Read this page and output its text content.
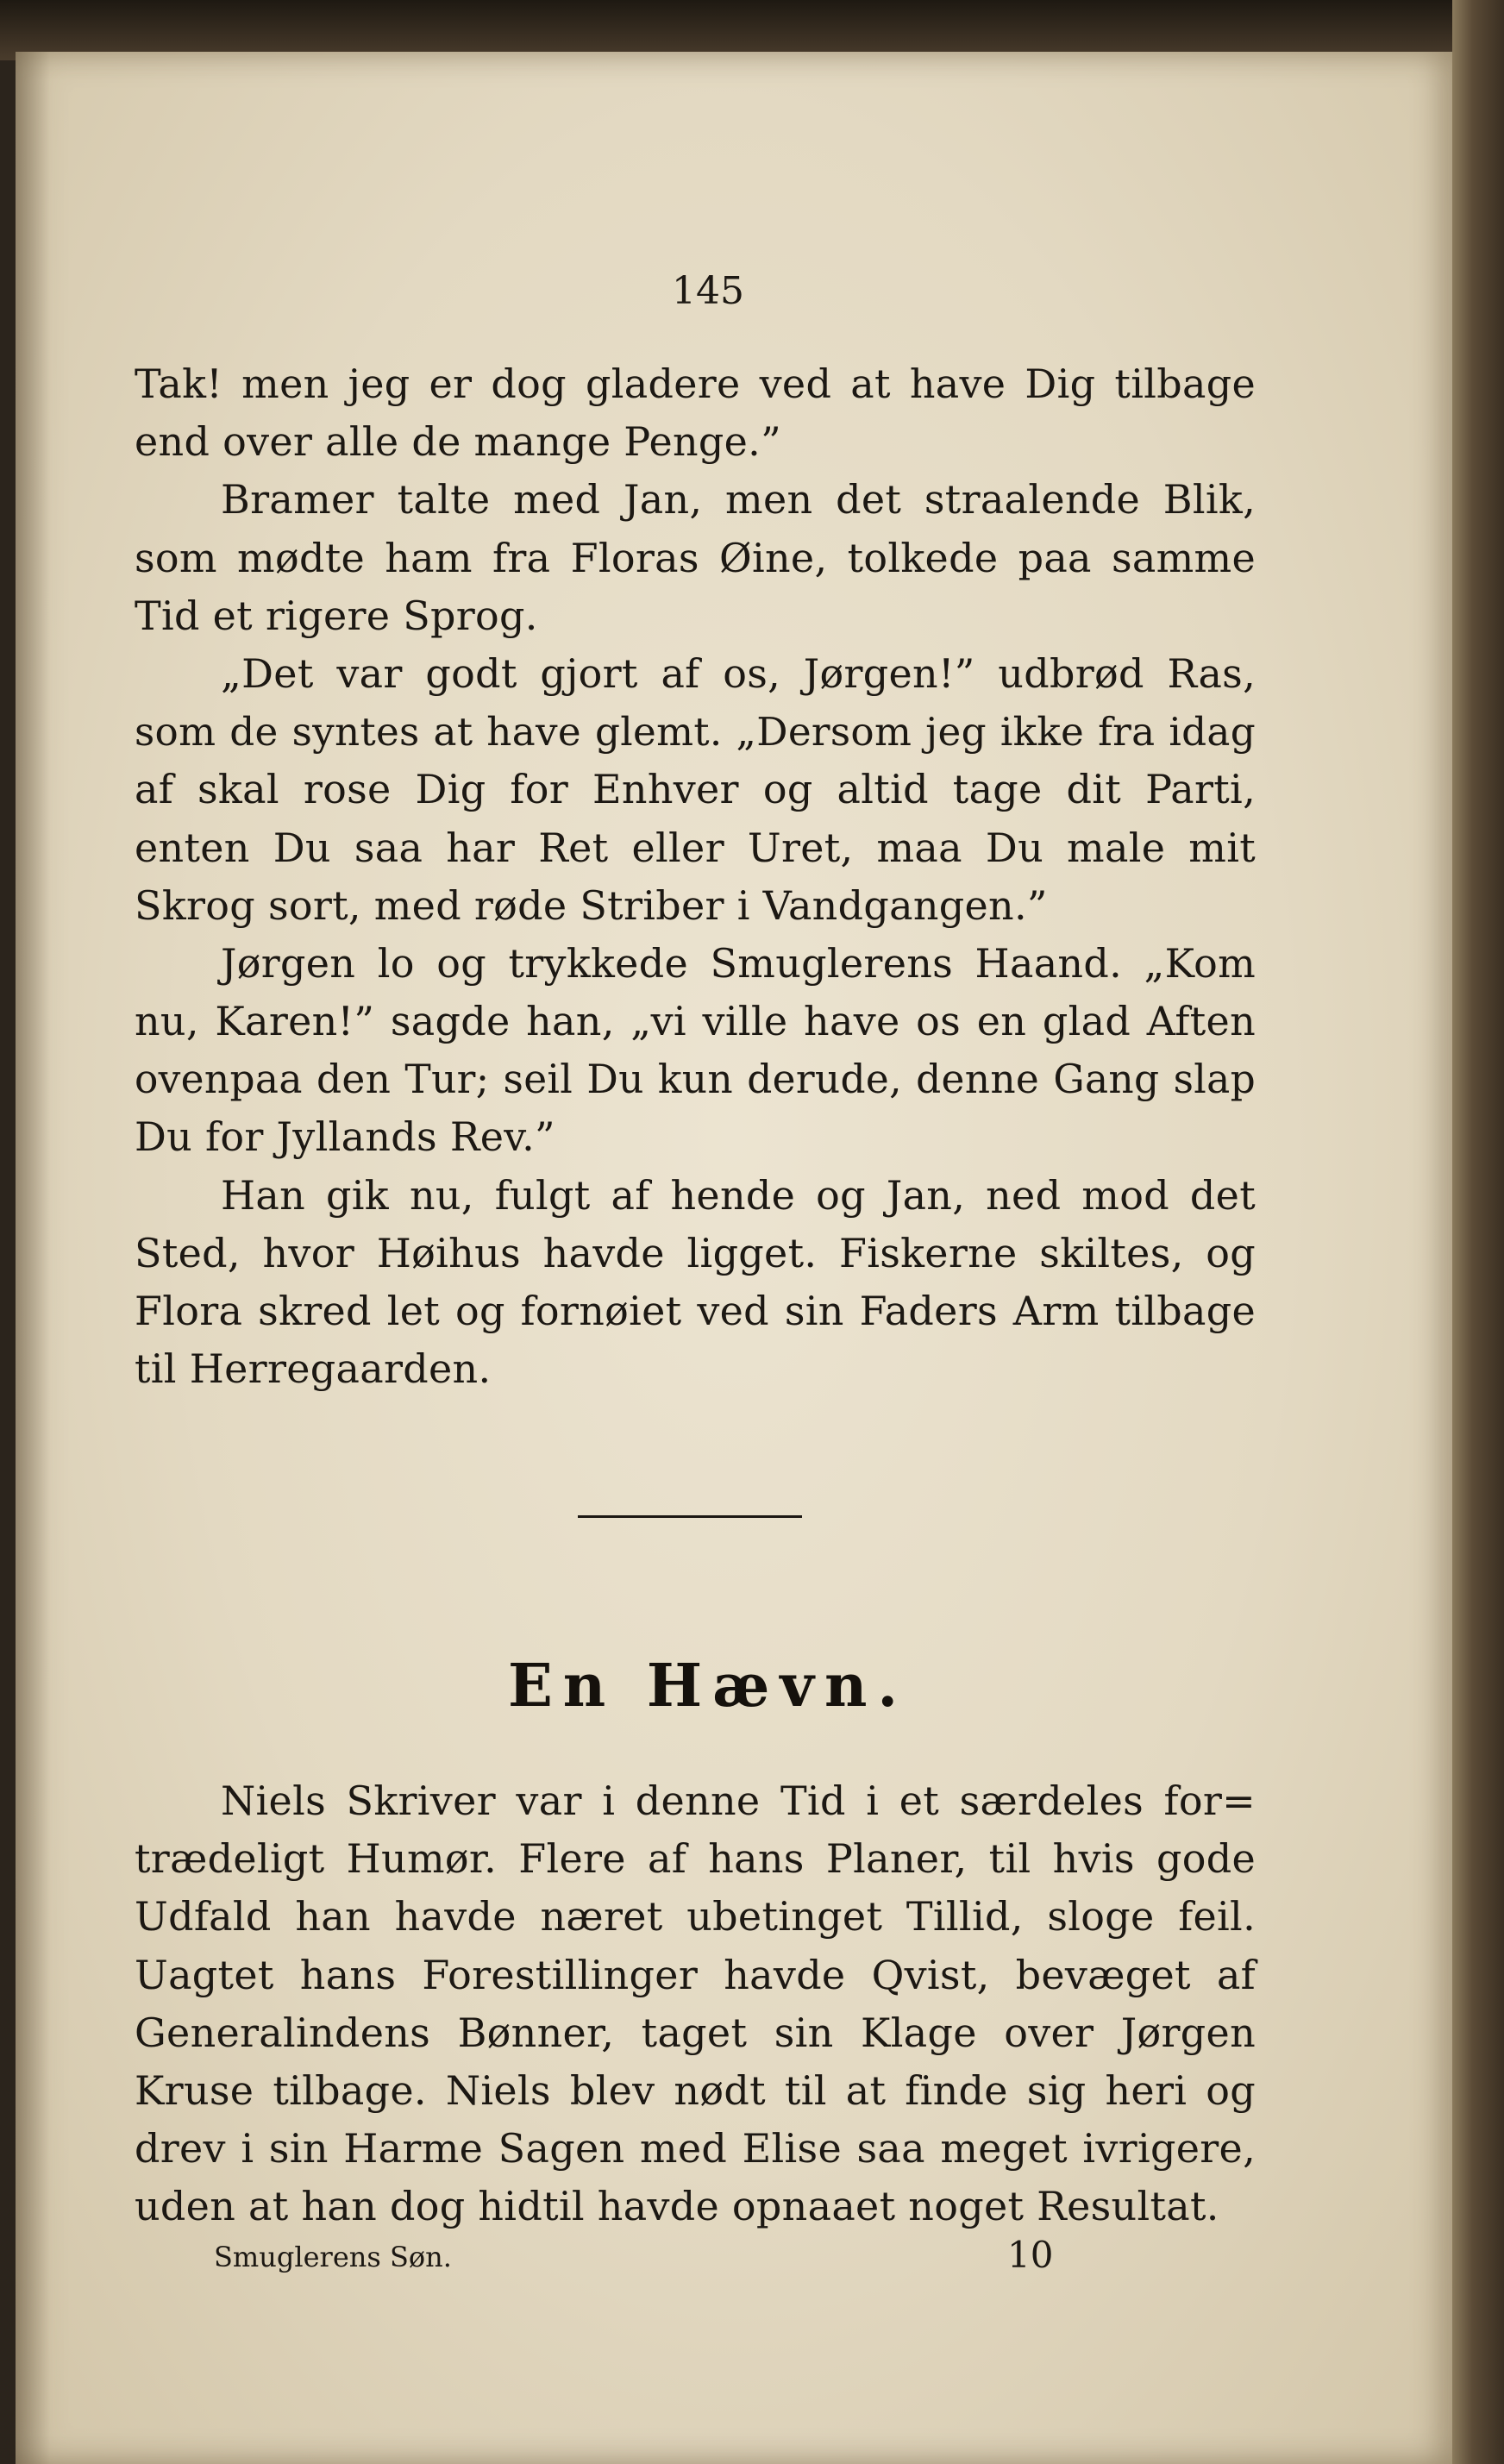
145
Tak! men jeg er dog gladere ved at have Dig tilbage
end over alle de mange Penge.”
Bramer talte med Jan, men det straalende Blik,
som mødte ham fra Floras Øine, tolkede paa samme
Tid et rigere Sprog.
„Det var godt gjort af os, Jørgen!” udbrød Ras,
som de syntes at have glemt. „Dersom jeg ikke fra idag
af skal rose Dig for Enhver og altid tage dit Parti,
enten Du saa har Ret eller Uret, maa Du male mit
Skrog sort, med røde Striber i Vandgangen.”
Jørgen lo og trykkede Smuglerens Haand. „Kom
nu, Karen!” sagde han, „vi ville have os en glad Aften
ovenpaa den Tur; seil Du kun derude, denne Gang slap
Du for Jyllands Rev.”
Han gik nu, fulgt af hende og Jan, ned mod det
Sted, hvor Høihus havde ligget. Fiskerne skiltes, og
Flora skred let og fornøiet ved sin Faders Arm tilbage
til Herregaarden.
En Hævn.
Niels Skriver var i denne Tid i et særdeles for=
trædeligt Humør. Flere af hans Planer, til hvis gode
Udfald han havde næret ubetinget Tillid, sloge feil.
Uagtet hans Forestillinger havde Qvist, bevæget af
Generalindens Bønner, taget sin Klage over Jørgen
Kruse tilbage. Niels blev nødt til at finde sig heri og
drev i sin Harme Sagen med Elise saa meget ivrigere,
uden at han dog hidtil havde opnaaet noget Resultat.
Smuglerens Søn.	10
